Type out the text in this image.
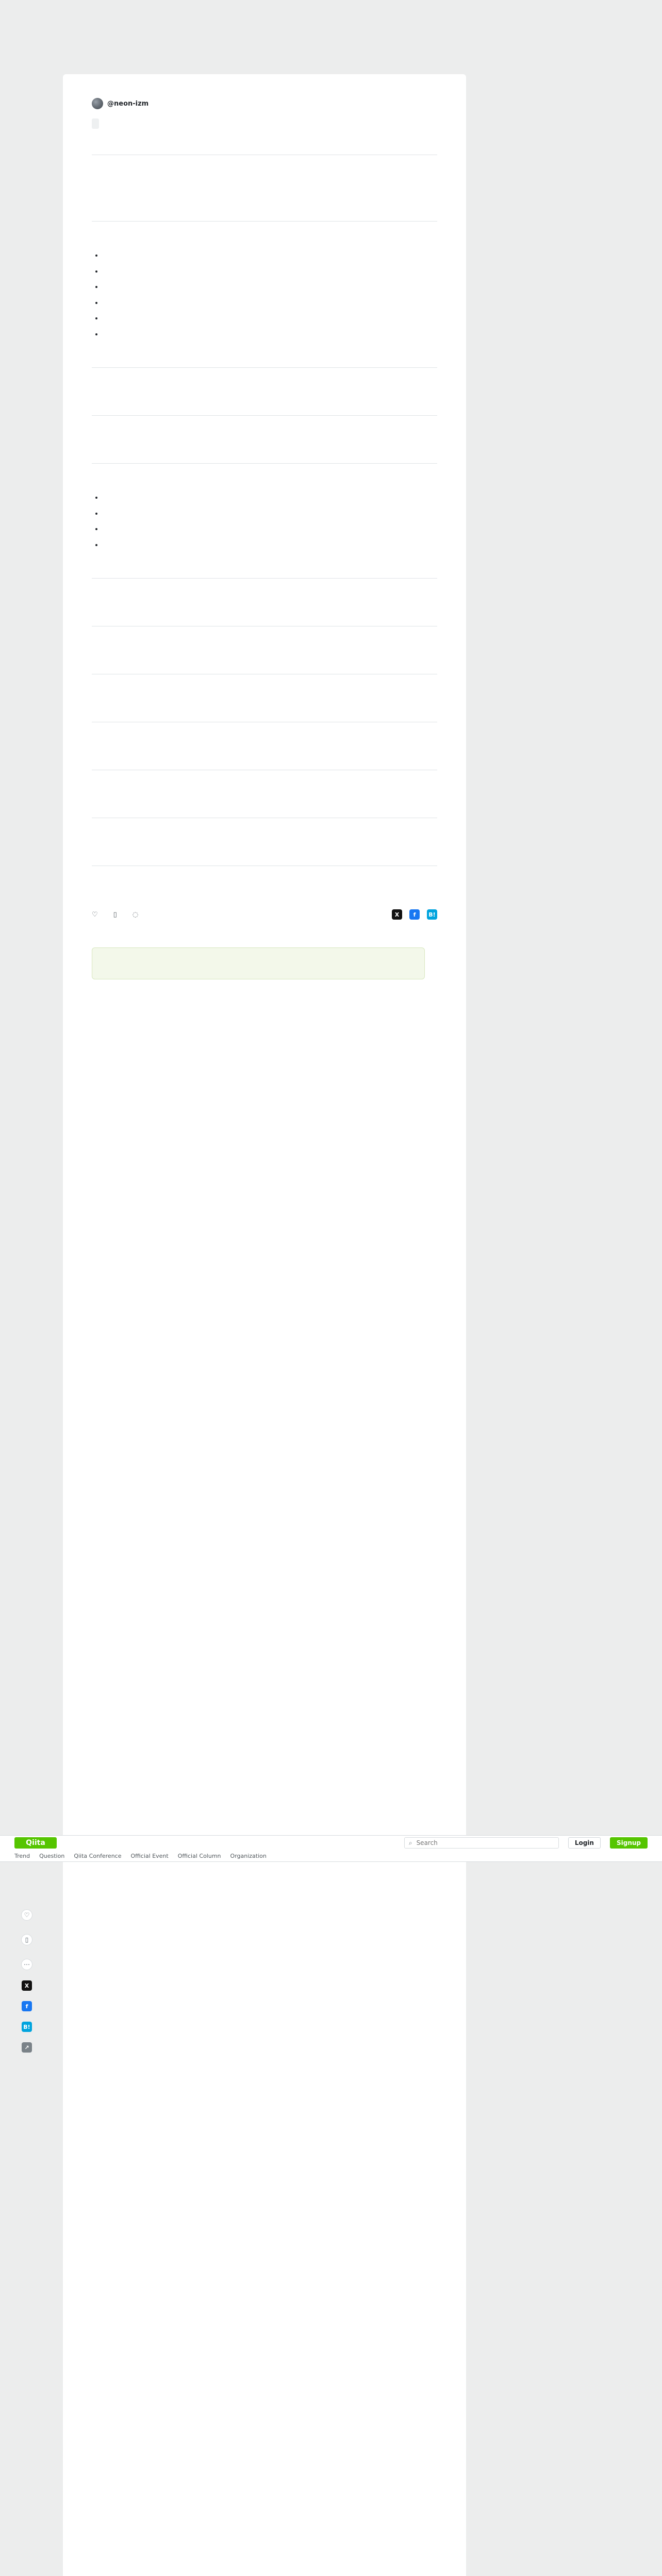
@neon-izm

•
•
•
•
•
•

•
•
•
•

♡ ▯ ◌	X	f	B!
Qiita	⌕
Search	Login	Signup
Trend Question Qiita Conference Official Event Official Column Organization
♡
▯
⋯
X
f
B!
↗
